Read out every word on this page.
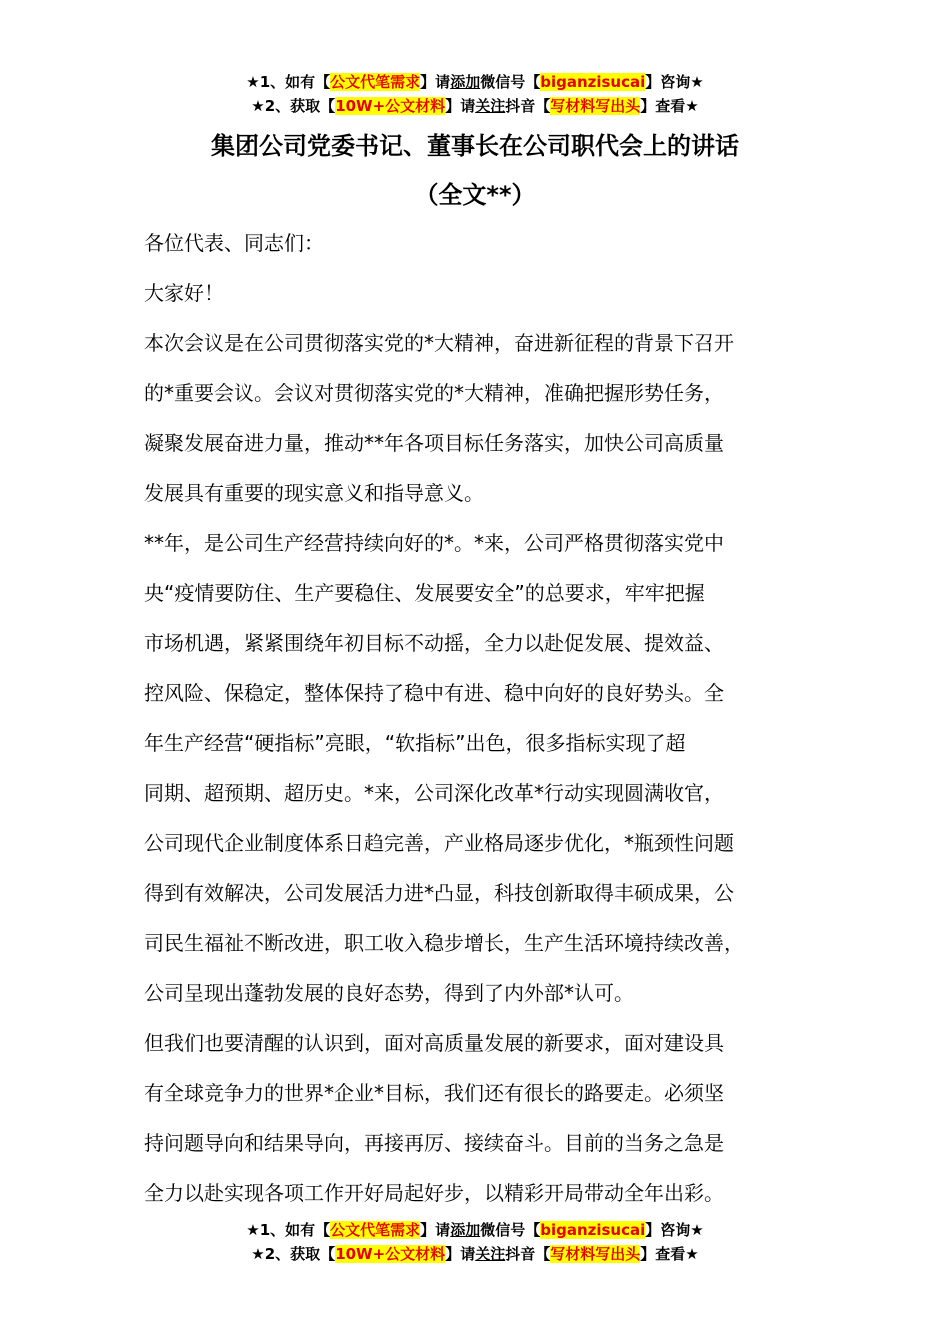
★1、如有【公文代笔需求】请添加微信号【biganzisucai】咨询★
★2、获取【10W+公文材料】请关注抖音【写材料写出头】查看★
集团公司党委书记、董事长在公司职代会上的讲话
（全文**）
各位代表、同志们：
大家好！
本次会议是在公司贯彻落实党的*大精神，奋进新征程的背景下召开
的*重要会议。会议对贯彻落实党的*大精神，准确把握形势任务，
凝聚发展奋进力量，推动**年各项目标任务落实，加快公司高质量
发展具有重要的现实意义和指导意义。
**年，是公司生产经营持续向好的*。*来，公司严格贯彻落实党中
央“疫情要防住、生产要稳住、发展要安全”的总要求，牢牢把握
市场机遇，紧紧围绕年初目标不动摇，全力以赴促发展、提效益、
控风险、保稳定，整体保持了稳中有进、稳中向好的良好势头。全
年生产经营“硬指标”亮眼，“软指标”出色，很多指标实现了超
同期、超预期、超历史。*来，公司深化改革*行动实现圆满收官，
公司现代企业制度体系日趋完善，产业格局逐步优化，*瓶颈性问题
得到有效解决，公司发展活力进*凸显，科技创新取得丰硕成果，公
司民生福祉不断改进，职工收入稳步增长，生产生活环境持续改善，
公司呈现出蓬勃发展的良好态势，得到了内外部*认可。
但我们也要清醒的认识到，面对高质量发展的新要求，面对建设具
有全球竞争力的世界*企业*目标，我们还有很长的路要走。必须坚
持问题导向和结果导向，再接再厉、接续奋斗。目前的当务之急是
全力以赴实现各项工作开好局起好步，以精彩开局带动全年出彩。
★1、如有【公文代笔需求】请添加微信号【biganzisucai】咨询★
★2、获取【10W+公文材料】请关注抖音【写材料写出头】查看★
